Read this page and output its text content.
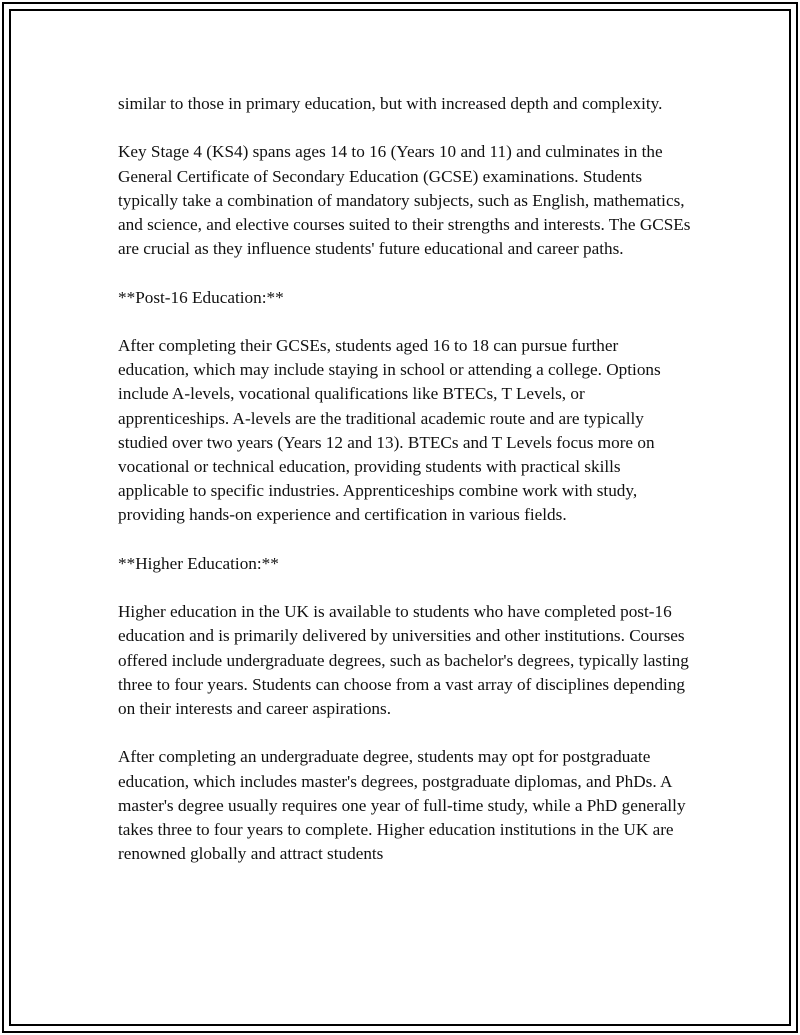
similar to those in primary education, but with increased depth and complexity.

Key Stage 4 (KS4) spans ages 14 to 16 (Years 10 and 11) and culminates in the General Certificate of Secondary Education (GCSE) examinations. Students typically take a combination of mandatory subjects, such as English, mathematics, and science, and elective courses suited to their strengths and interests. The GCSEs are crucial as they influence students' future educational and career paths.

**Post-16 Education:**

After completing their GCSEs, students aged 16 to 18 can pursue further education, which may include staying in school or attending a college. Options include A-levels, vocational qualifications like BTECs, T Levels, or apprenticeships. A-levels are the traditional academic route and are typically studied over two years (Years 12 and 13). BTECs and T Levels focus more on vocational or technical education, providing students with practical skills applicable to specific industries. Apprenticeships combine work with study, providing hands-on experience and certification in various fields.

**Higher Education:**

Higher education in the UK is available to students who have completed post-16 education and is primarily delivered by universities and other institutions. Courses offered include undergraduate degrees, such as bachelor's degrees, typically lasting three to four years. Students can choose from a vast array of disciplines depending on their interests and career aspirations.

After completing an undergraduate degree, students may opt for postgraduate education, which includes master's degrees, postgraduate diplomas, and PhDs. A master's degree usually requires one year of full-time study, while a PhD generally takes three to four years to complete. Higher education institutions in the UK are renowned globally and attract students
